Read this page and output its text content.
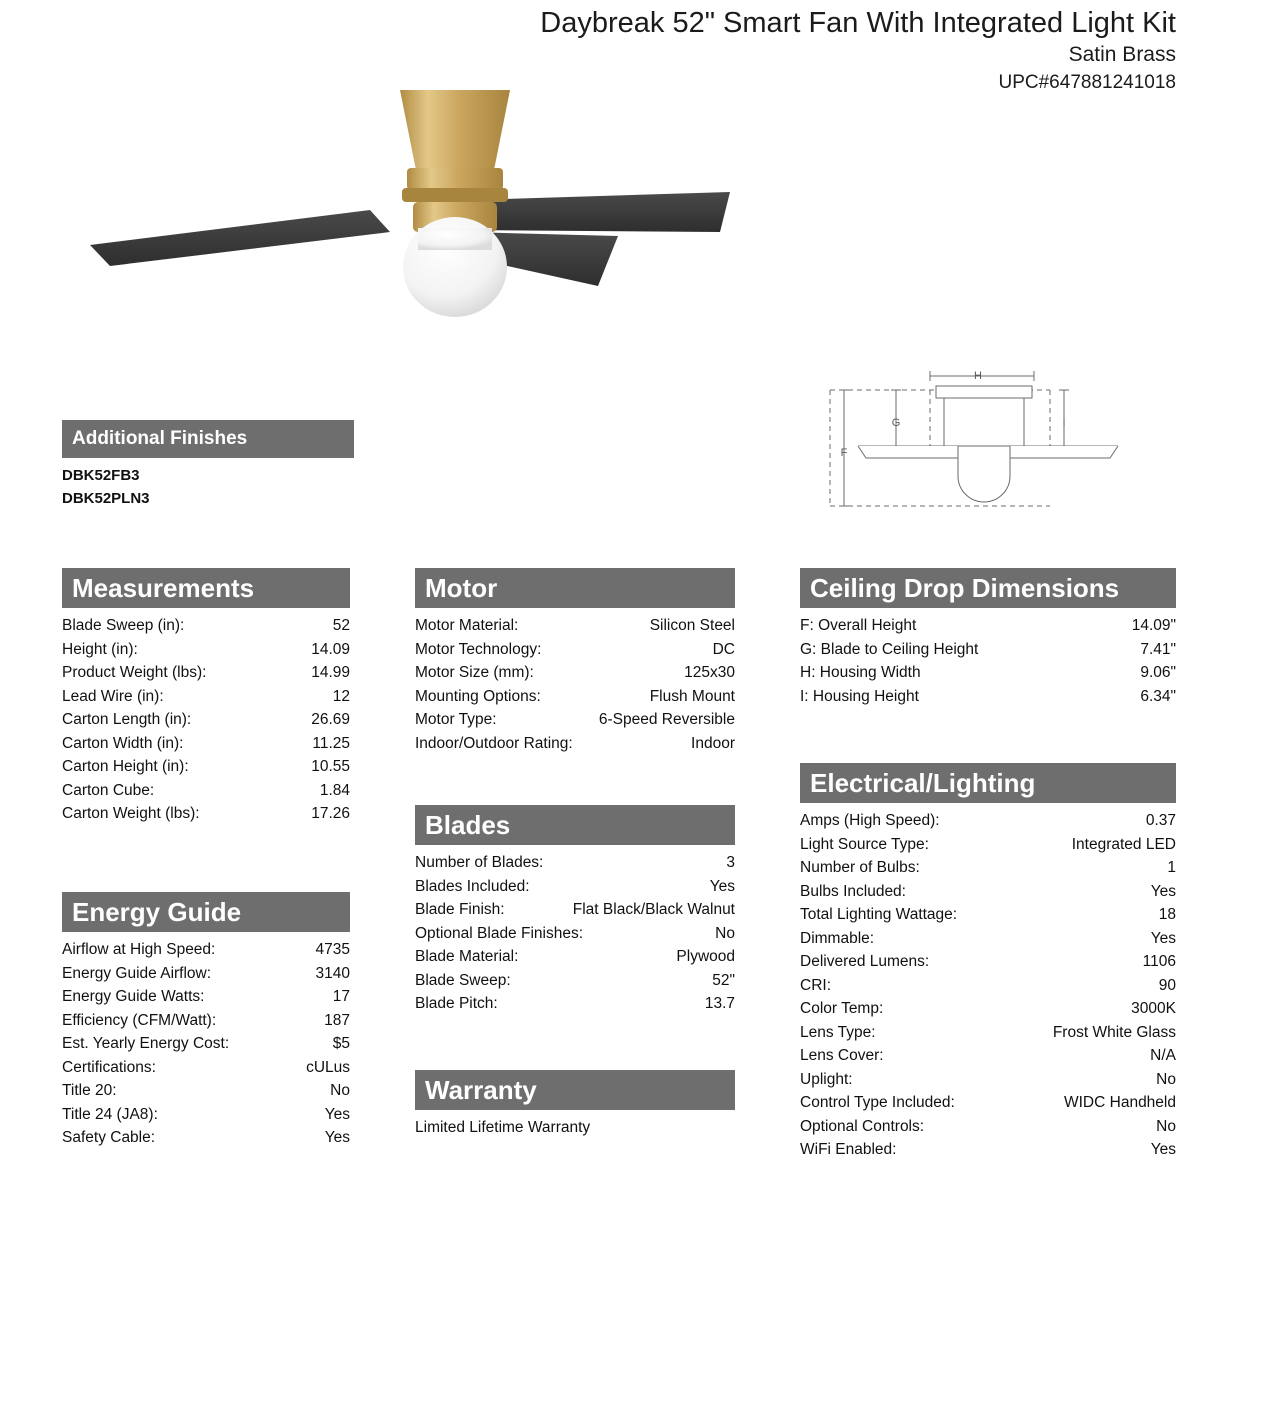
Daybreak 52" Smart Fan With Integrated Light Kit
Satin Brass
UPC#647881241018
H
F
G	I
Additional Finishes
DBK52FB3
DBK52PLN3
Measurements
Blade Sweep (in):	52
Height (in):	14.09
Product Weight (lbs):	14.99
Lead Wire (in):	12
Carton Length (in):	26.69
Carton Width (in):	11.25
Carton Height (in):	10.55
Carton Cube:	1.84
Carton Weight (lbs):	17.26
Energy Guide
Airflow at High Speed:	4735
Energy Guide Airflow:	3140
Energy Guide Watts:	17
Efficiency (CFM/Watt):	187
Est. Yearly Energy Cost:	$5
Certifications:	cULus
Title 20:	No
Title 24 (JA8):	Yes
Safety Cable:	Yes
Motor
Motor Material:	Silicon Steel
Motor Technology:	DC
Motor Size (mm):	125x30
Mounting Options:	Flush Mount
Motor Type:	6-Speed Reversible
Indoor/Outdoor Rating:	Indoor
Blades
Number of Blades:	3
Blades Included:	Yes
Blade Finish:	Flat Black/Black Walnut
Optional Blade Finishes:	No
Blade Material:	Plywood
Blade Sweep:	52"
Blade Pitch:	13.7
Warranty
Limited Lifetime Warranty
Ceiling Drop Dimensions
F: Overall Height	14.09"
G: Blade to Ceiling Height	7.41"
H: Housing Width	9.06"
I: Housing Height	6.34"
Electrical/Lighting
Amps (High Speed):	0.37
Light Source Type:	Integrated LED
Number of Bulbs:	1
Bulbs Included:	Yes
Total Lighting Wattage:	18
Dimmable:	Yes
Delivered Lumens:	1106
CRI:	90
Color Temp:	3000K
Lens Type:	Frost White Glass
Lens Cover:	N/A
Uplight:	No
Control Type Included:	WIDC Handheld
Optional Controls:	No
WiFi Enabled:	Yes
